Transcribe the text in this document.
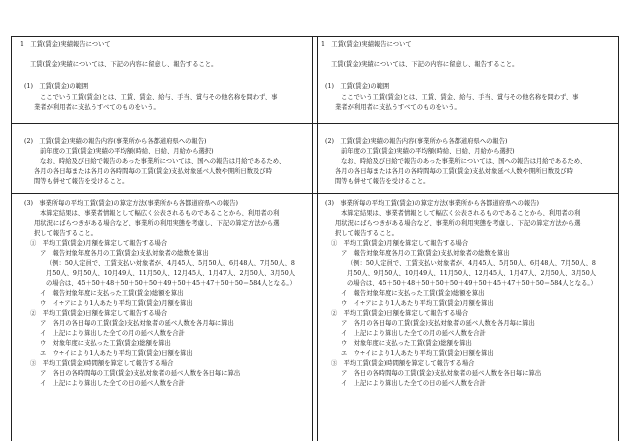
1　工賃(賃金)実績報告について
工賃(賃金)実績については、下記の内容に留意し、報告すること。
(1)　工賃(賃金)の範囲
ここでいう工賃(賃金)とは、工賃、賃金、給与、手当、賞与その他名称を問わず、事
業者が利用者に支払うすべてのものをいう。
(2)　工賃(賃金)実績の報告内容(事業所から各都道府県への報告)
前年度の工賃(賃金)実績の平均額(時給、日給、月給から選択)
なお、時給及び日給で報告のあった事業所については、国への報告は月給であるため、
各月の各日毎または各月の各時間毎の工賃(賃金)支払対象延べ人数や開所日数及び時
間等も併せて報告を受けること。
(3)　事業所毎の平均工賃(賃金)の算定方法(事業所から各都道府県への報告)
本算定結果は、事業者情報として幅広く公表されるものであることから、利用者の利
用状況にばらつきがある場合など、事業所の利用実態を考慮し、下記の算定方法から選
択して報告すること。
①　平均工賃(賃金)月額を算定して報告する場合
ア　報告対象年度各月の工賃(賃金)支払対象者の総数を算出
（例：50人定員で、工賃支払い対象者が、4月45人、5月50人、6月48人、7月50人、8
月50人、9月50人、10月49人、11月50人、12月45人、1月47人、2月50人、3月50人
の場合は、45＋50＋48＋50＋50＋50＋49＋50＋45＋47＋50＋50＝584人となる。）
イ　報告対象年度に支払った工賃(賃金)総額を算出
ウ　イ÷アにより1人あたり平均工賃(賃金)月額を算出
②　平均工賃(賃金)日額を算定して報告する場合
ア　各月の各日毎の工賃(賃金)支払対象者の延べ人数を各月毎に算出
イ　上記により算出した全ての月の延べ人数を合計
ウ　対象年度に支払った工賃(賃金)総額を算出
エ　ウ÷イにより1人あたり平均工賃(賃金)日額を算出
③　平均工賃(賃金)時間額を算定して報告する場合
ア　各日の各時間毎の工賃(賃金)支払対象者の延べ人数を各日毎に算出
イ　上記により算出した全ての日の延べ人数を合計
1　工賃(賃金)実績報告について
工賃(賃金)実績については、下記の内容に留意し、報告すること。
(1)　工賃(賃金)の範囲
ここでいう工賃(賃金)とは、工賃、賃金、給与、手当、賞与その他名称を問わず、事
業者が利用者に支払うすべてのものをいう。
(2)　工賃(賃金)実績の報告内容(事業所から各都道府県への報告)
前年度の工賃(賃金)実績の平均額(時給、日給、月給から選択)
なお、時給及び日給で報告のあった事業所については、国への報告は月給であるため、
各月の各日毎または各月の各時間毎の工賃(賃金)支払対象延べ人数や開所日数及び時
間等も併せて報告を受けること。
(3)　事業所毎の平均工賃(賃金)の算定方法(事業所から各都道府県への報告)
本算定結果は、事業者情報として幅広く公表されるものであることから、利用者の利
用状況にばらつきがある場合など、事業所の利用実態を考慮し、下記の算定方法から選
択して報告すること。
①　平均工賃(賃金)月額を算定して報告する場合
ア　報告対象年度各月の工賃(賃金)支払対象者の総数を算出
（例：50人定員で、工賃支払い対象者が、4月45人、5月50人、6月48人、7月50人、8
月50人、9月50人、10月49人、11月50人、12月45人、1月47人、2月50人、3月50人
の場合は、45＋50＋48＋50＋50＋50＋49＋50＋45＋47＋50＋50＝584人となる。）
イ　報告対象年度に支払った工賃(賃金)総額を算出
ウ　イ÷アにより1人あたり平均工賃(賃金)月額を算出
②　平均工賃(賃金)日額を算定して報告する場合
ア　各月の各日毎の工賃(賃金)支払対象者の延べ人数を各月毎に算出
イ　上記により算出した全ての月の延べ人数を合計
ウ　対象年度に支払った工賃(賃金)総額を算出
エ　ウ÷イにより1人あたり平均工賃(賃金)日額を算出
③　平均工賃(賃金)時間額を算定して報告する場合
ア　各日の各時間毎の工賃(賃金)支払対象者の延べ人数を各日毎に算出
イ　上記により算出した全ての日の延べ人数を合計
